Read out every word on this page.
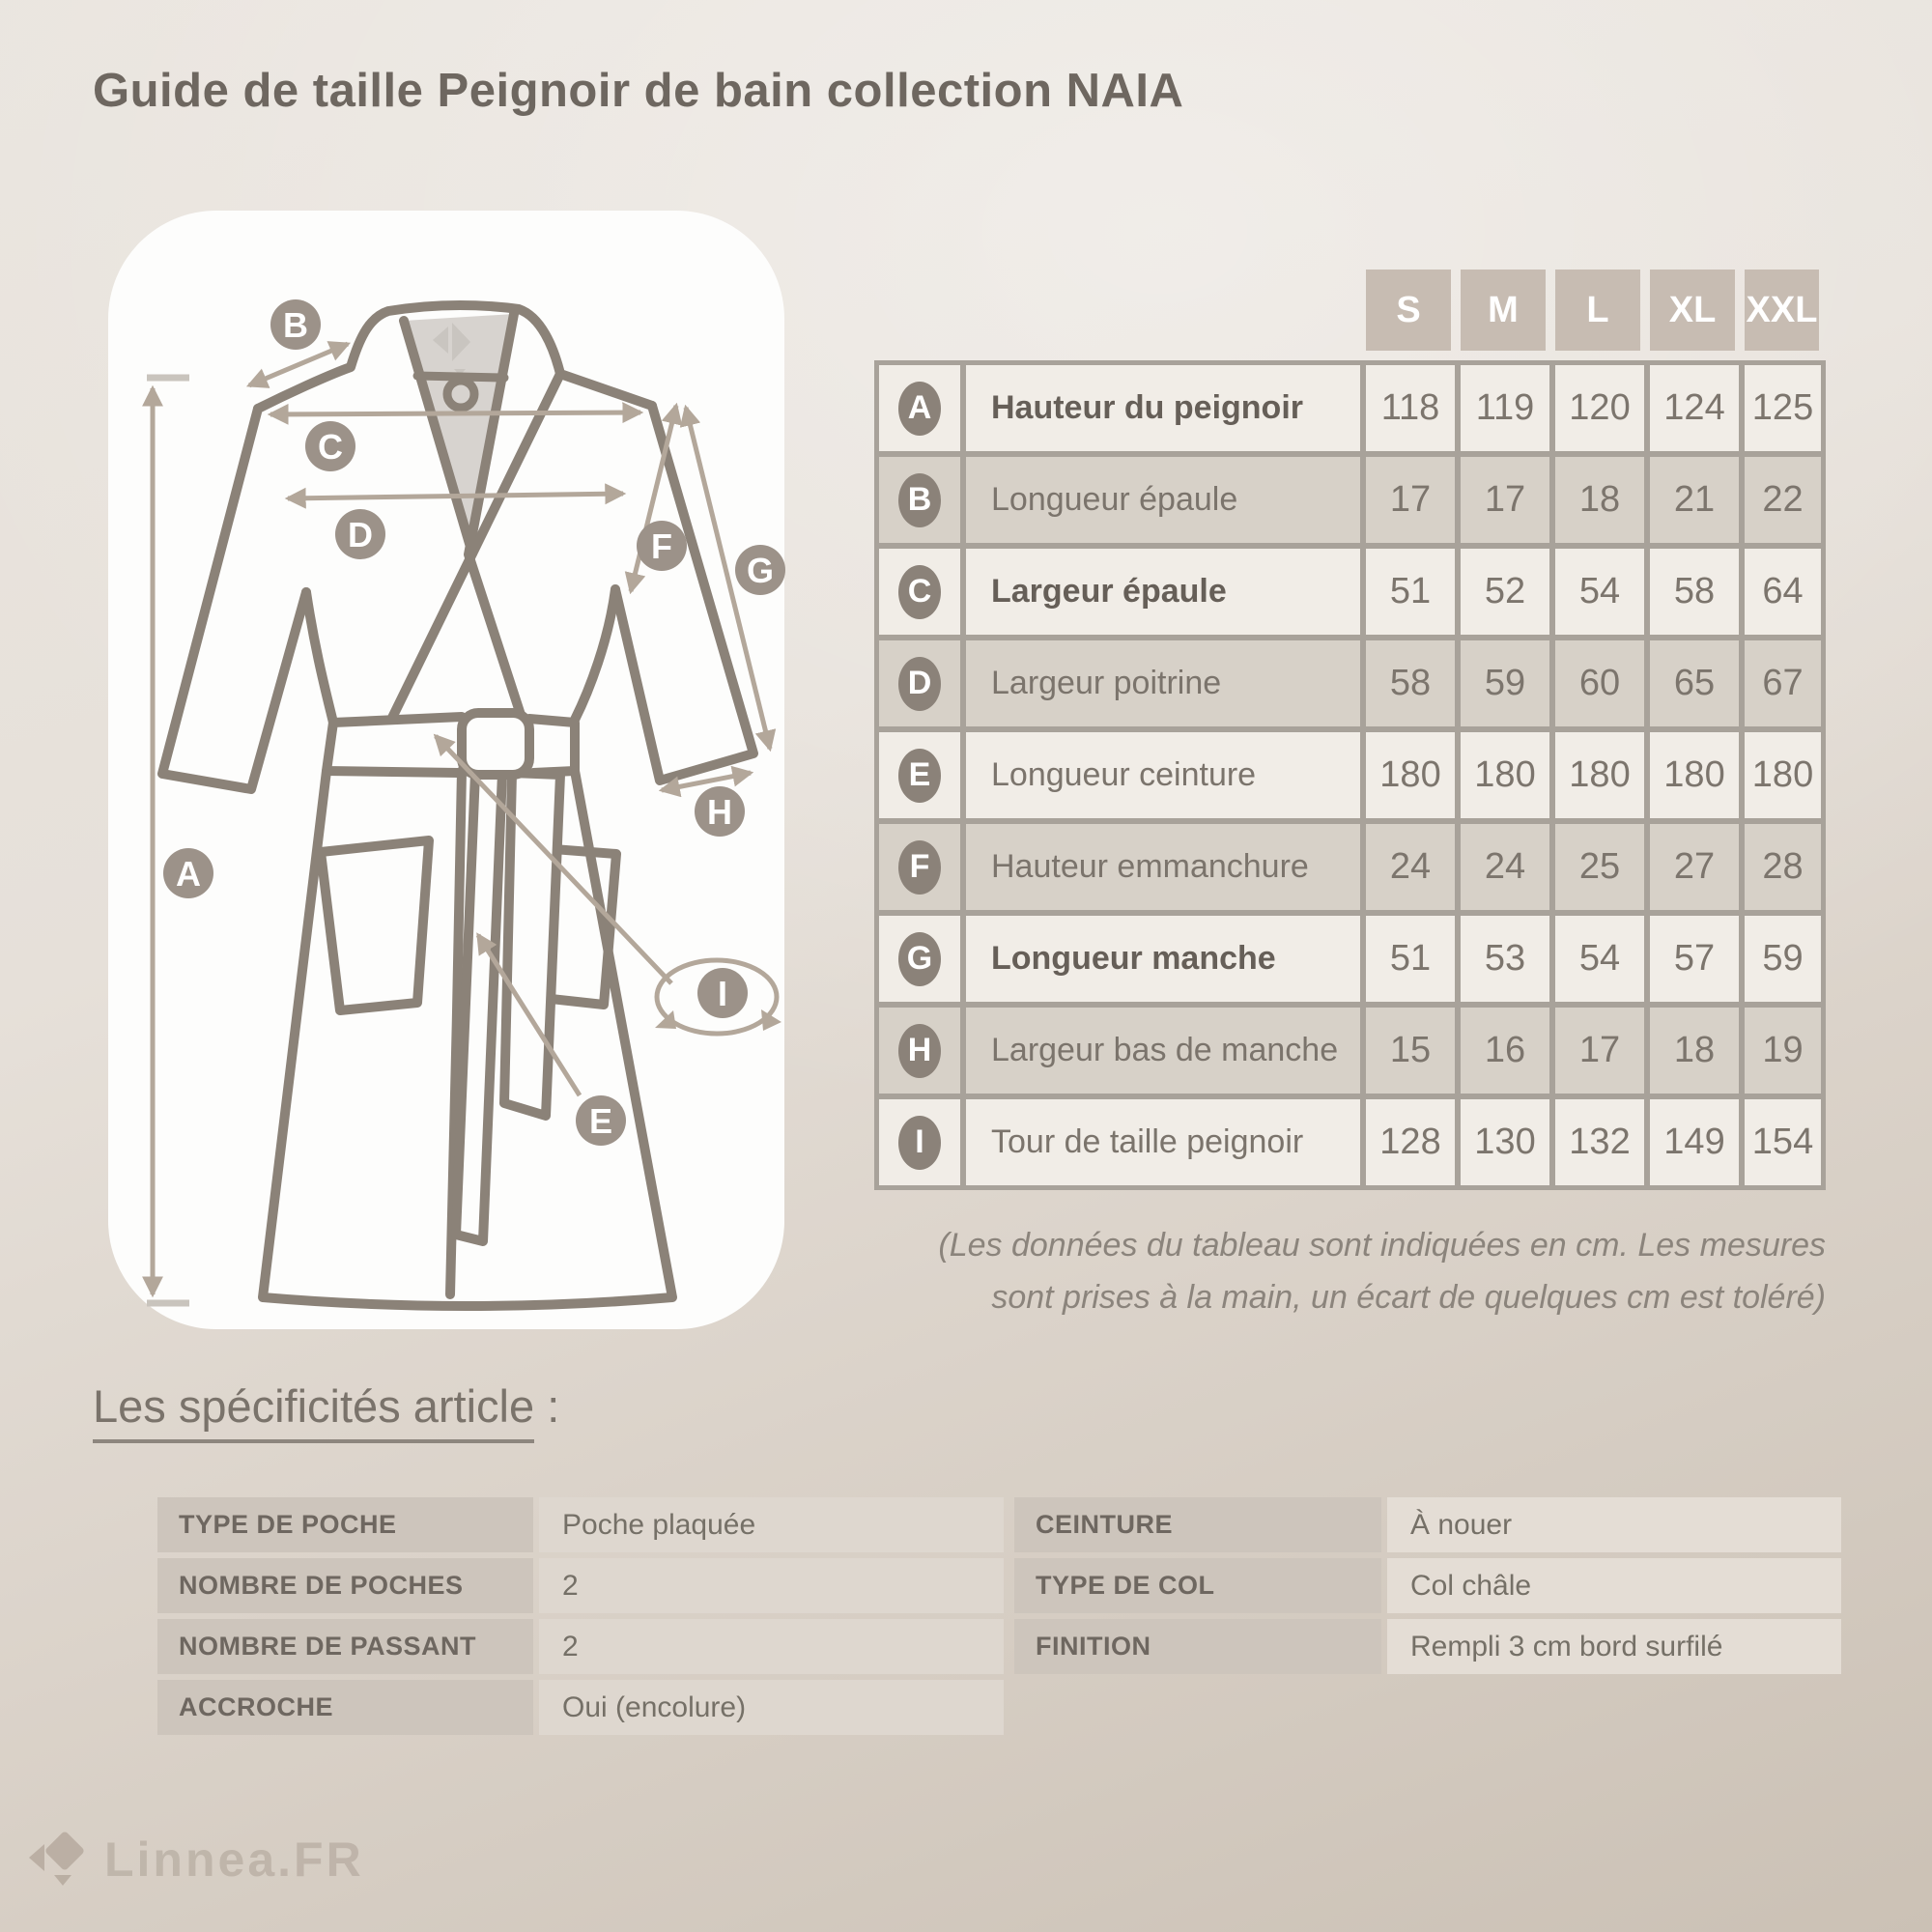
Guide de taille Peignoir de bain collection NAIA
A
B
C
D
E
F
G
H
I
S	M	L	XL XXL
A	Hauteur du peignoir	118 119 120 124 125
B	Longueur épaule	17	17	18	21	22
C	Largeur épaule	51	52	54	58	64
D	Largeur poitrine	58	59	60	65	67
E	Longueur ceinture	180 180 180 180 180
F	Hauteur emmanchure	24	24	25	27	28
G	Longueur manche	51	53	54	57	59
H	Largeur bas de manche	15	16	17	18	19
I	Tour de taille peignoir	128 130 132 149 154
(Les données du tableau sont indiquées en cm. Les mesures
sont prises à la main, un écart de quelques cm est toléré)
Les spécificités article :
TYPE DE POCHE	Poche plaquée
NOMBRE DE POCHES	2
NOMBRE DE PASSANT	2
ACCROCHE	Oui (encolure)
CEINTURE	À nouer
TYPE DE COL	Col châle
FINITION	Rempli 3 cm bord surfilé
Linnea.FR
